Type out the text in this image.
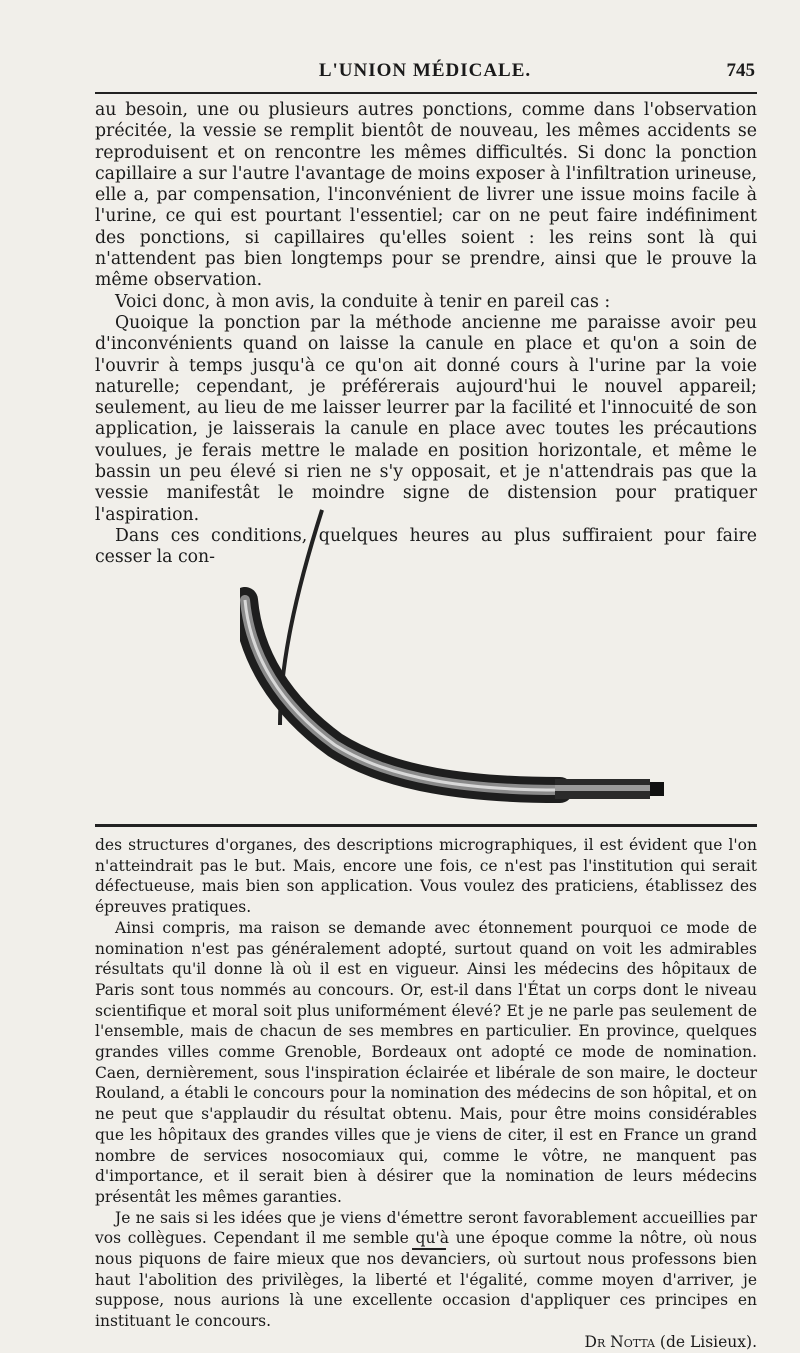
L'UNION MÉDICALE.	745

au besoin, une ou plusieurs autres ponctions, comme dans l'observation précitée, la vessie se remplit bientôt de nouveau, les mêmes accidents se reproduisent et on rencontre les mêmes difficultés. Si donc la ponction capillaire a sur l'autre l'avantage de moins exposer à l'infiltration urineuse, elle a, par compensation, l'inconvénient de livrer une issue moins facile à l'urine, ce qui est pourtant l'essentiel; car on ne peut faire indéfiniment des ponctions, si capillaires qu'elles soient : les reins sont là qui n'attendent pas bien longtemps pour se prendre, ainsi que le prouve la même observation.

Voici donc, à mon avis, la conduite à tenir en pareil cas :

Quoique la ponction par la méthode ancienne me paraisse avoir peu d'inconvénients quand on laisse la canule en place et qu'on a soin de l'ouvrir à temps jusqu'à ce qu'on ait donné cours à l'urine par la voie naturelle; cependant, je préférerais aujourd'hui le nouvel appareil; seulement, au lieu de me laisser leurrer par la facilité et l'innocuité de son application, je laisserais la canule en place avec toutes les précautions voulues, je ferais mettre le malade en position horizontale, et même le bassin un peu élevé si rien ne s'y opposait, et je n'attendrais pas que la vessie manifestât le moindre signe de distension pour pratiquer l'aspiration.

Dans ces conditions, quelques heures au plus suffiraient pour faire cesser la con-

des structures d'organes, des descriptions micrographiques, il est évident que l'on n'atteindrait pas le but. Mais, encore une fois, ce n'est pas l'institution qui serait défectueuse, mais bien son application. Vous voulez des praticiens, établissez des épreuves pratiques.

Ainsi compris, ma raison se demande avec étonnement pourquoi ce mode de nomination n'est pas généralement adopté, surtout quand on voit les admirables résultats qu'il donne là où il est en vigueur. Ainsi les médecins des hôpitaux de Paris sont tous nommés au concours. Or, est-il dans l'État un corps dont le niveau scientifique et moral soit plus uniformément élevé? Et je ne parle pas seulement de l'ensemble, mais de chacun de ses membres en particulier. En province, quelques grandes villes comme Grenoble, Bordeaux ont adopté ce mode de nomination. Caen, dernièrement, sous l'inspiration éclairée et libérale de son maire, le docteur Rouland, a établi le concours pour la nomination des médecins de son hôpital, et on ne peut que s'applaudir du résultat obtenu. Mais, pour être moins considérables que les hôpitaux des grandes villes que je viens de citer, il est en France un grand nombre de services nosocomiaux qui, comme le vôtre, ne manquent pas d'importance, et il serait bien à désirer que la nomination de leurs médecins présentât les mêmes garanties.

Je ne sais si les idées que je viens d'émettre seront favorablement accueillies par vos collègues. Cependant il me semble qu'à une époque comme la nôtre, où nous nous piquons de faire mieux que nos devanciers, où surtout nous professons bien haut l'abolition des privilèges, la liberté et l'égalité, comme moyen d'arriver, je suppose, nous aurions là une excellente occasion d'appliquer ces principes en instituant le concours.

Dr Notta (de Lisieux).
